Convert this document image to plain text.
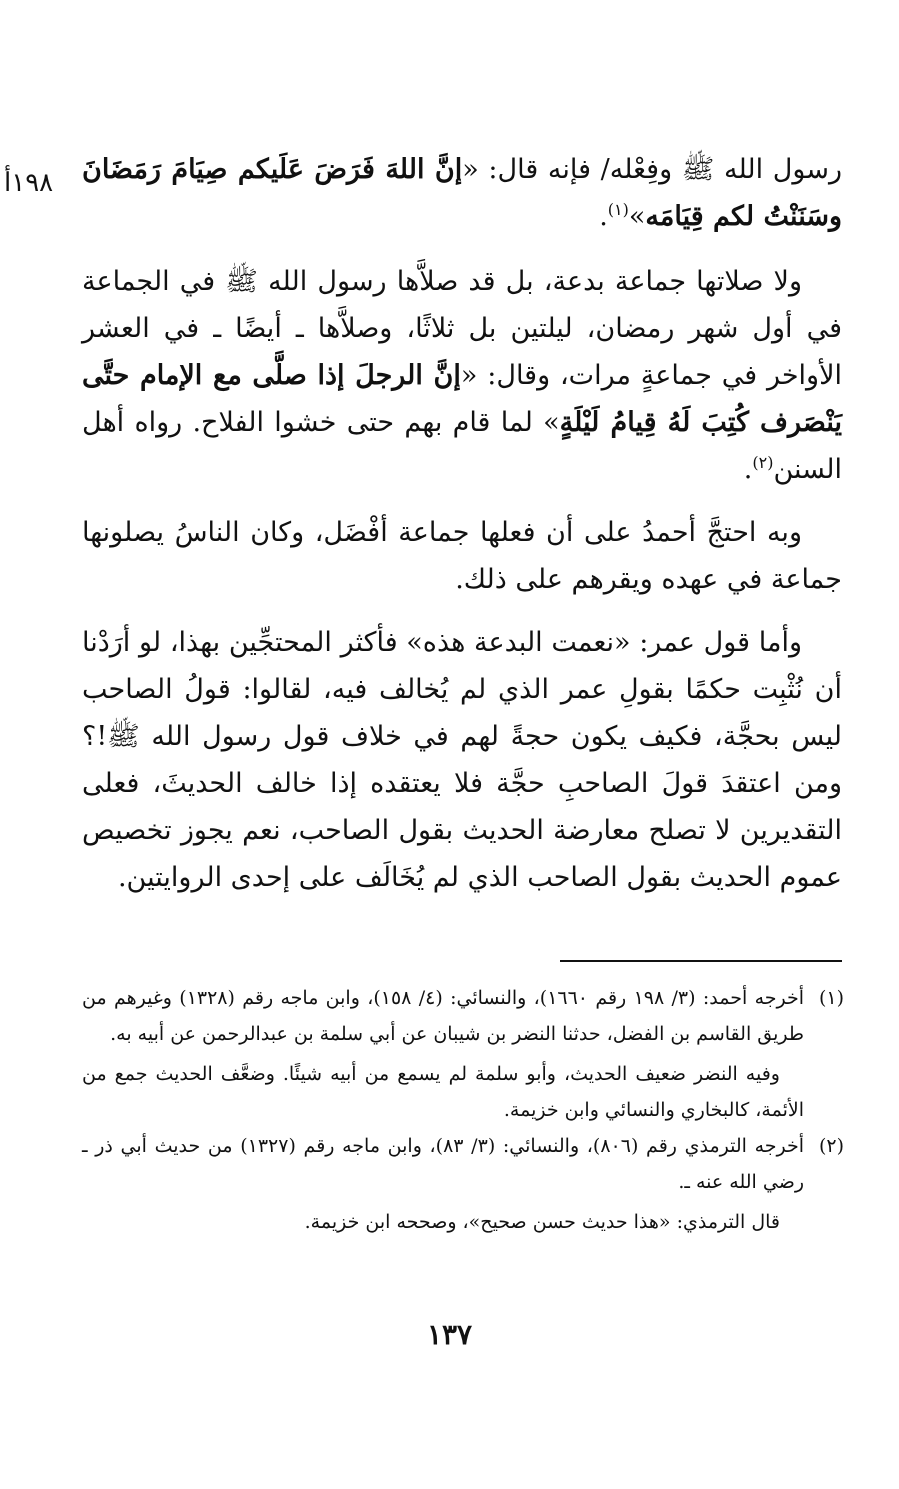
١٩٨أ	رسول الله ﷺ وفِعْله/ فإنه قال: «إنَّ اللهَ فَرَضَ عَلَيكم صِيَامَ رَمَضَانَ وسَنَنْتُ لكم قِيَامَه»$^{(١)}$.

ولا صلاتها جماعة بدعة، بل قد صلاَّها رسول الله ﷺ في الجماعة في أول شهر رمضان، ليلتين بل ثلاثًا، وصلاَّها ـ أيضًا ـ في العشر الأواخر في جماعةٍ مرات، وقال: «إنَّ الرجلَ إذا صلَّى مع الإمام حتَّى يَنْصَرف كُتِبَ لَهُ قِيامُ لَيْلَةٍ» لما قام بهم حتى خشوا الفلاح. رواه أهل السنن$^{(٢)}$.

وبه احتجَّ أحمدُ على أن فعلها جماعة أفْضَل، وكان الناسُ يصلونها جماعة في عهده ويقرهم على ذلك.

وأما قول عمر: «نعمت البدعة هذه» فأكثر المحتجِّين بهذا، لو أرَدْنا أن نُثْبِت حكمًا بقولِ عمر الذي لم يُخالف فيه، لقالوا: قولُ الصاحب ليس بحجَّة، فكيف يكون حجةً لهم في خلاف قول رسول الله ﷺ!؟ ومن اعتقدَ قولَ الصاحبِ حجَّة فلا يعتقده إذا خالف الحديثَ، فعلى التقديرين لا تصلح معارضة الحديث بقول الصاحب، نعم يجوز تخصيص عموم الحديث بقول الصاحب الذي لم يُخَالَف على إحدى الروايتين.

(١)
أخرجه أحمد: (٣/ ١٩٨ رقم ١٦٦٠)، والنسائي: (٤/ ١٥٨)، وابن ماجه رقم (١٣٢٨) وغيرهم من طريق القاسم بن الفضل، حدثنا النضر بن شيبان عن أبي سلمة بن عبدالرحمن عن أبيه به.

وفيه النضر ضعيف الحديث، وأبو سلمة لم يسمع من أبيه شيئًا. وضعَّف الحديث جمع من الأئمة، كالبخاري والنسائي وابن خزيمة.

(٢)
أخرجه الترمذي رقم (٨٠٦)، والنسائي: (٣/ ٨٣)، وابن ماجه رقم (١٣٢٧) من حديث أبي ذر ـ رضي الله عنه ـ.

قال الترمذي: «هذا حديث حسن صحيح»، وصححه ابن خزيمة.

١٣٧
